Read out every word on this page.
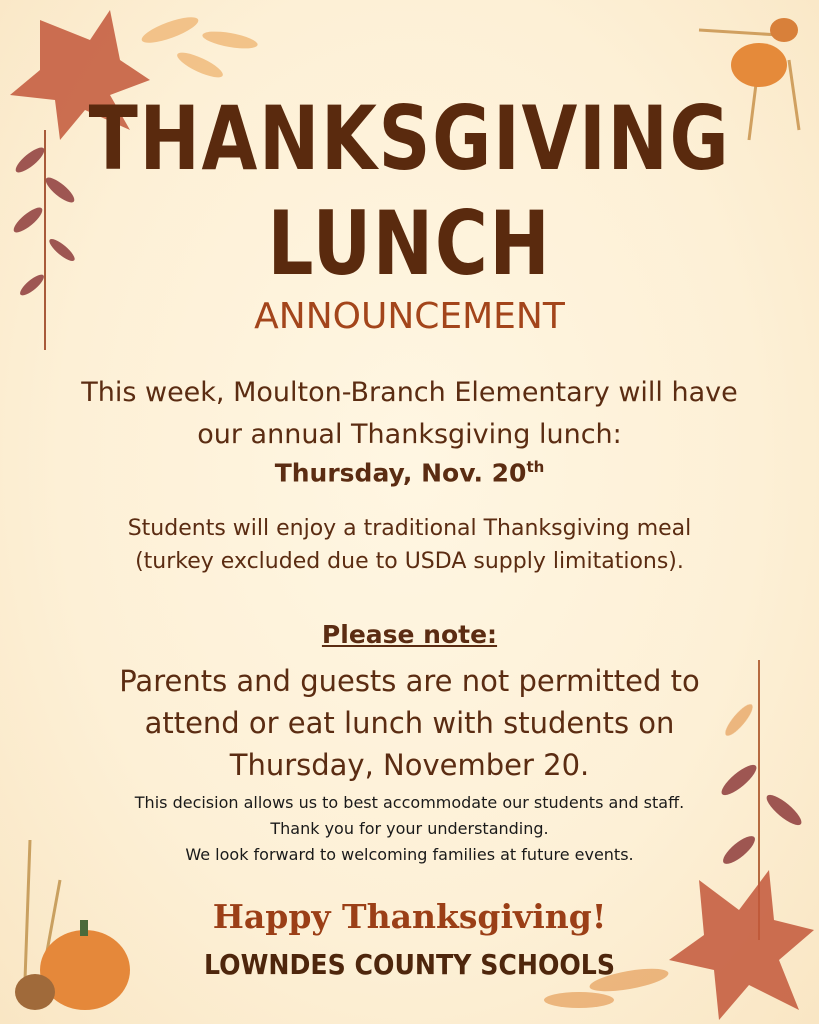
THANKSGIVING
LUNCH
ANNOUNCEMENT
This week, Moulton-Branch Elementary will have our annual Thanksgiving lunch:
Thursday, Nov. 20th
Students will enjoy a traditional Thanksgiving meal (turkey excluded due to USDA supply limitations).
Please note:
Parents and guests are not permitted to attend or eat lunch with students on Thursday, November 20.
This decision allows us to best accommodate our students and staff.
Thank you for your understanding.
We look forward to welcoming families at future events.
Happy Thanksgiving!
LOWNDES COUNTY SCHOOLS
